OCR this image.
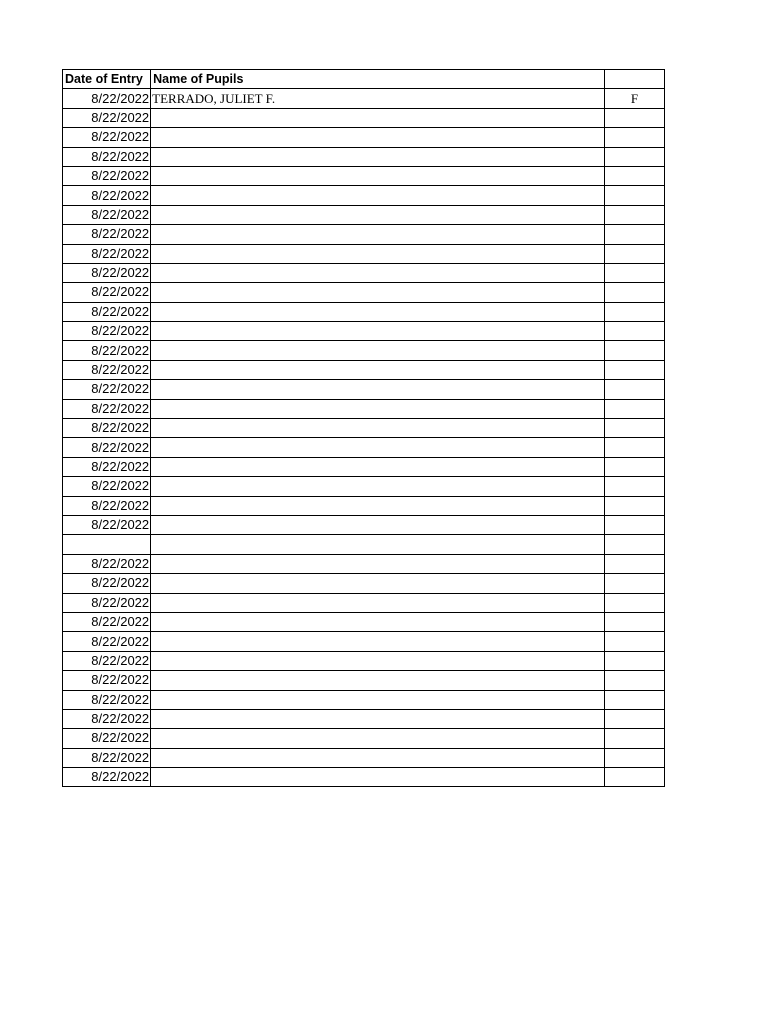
Date of Entry	Name of Pupils	
8/22/2022	TERRADO, JULIET F.	F
8/22/2022		
8/22/2022		
8/22/2022		
8/22/2022		
8/22/2022		
8/22/2022		
8/22/2022		
8/22/2022		
8/22/2022		
8/22/2022		
8/22/2022		
8/22/2022		
8/22/2022		
8/22/2022		
8/22/2022		
8/22/2022		
8/22/2022		
8/22/2022		
8/22/2022		
8/22/2022		
8/22/2022		
8/22/2022		

8/22/2022		
8/22/2022		
8/22/2022		
8/22/2022		
8/22/2022		
8/22/2022		
8/22/2022		
8/22/2022		
8/22/2022		
8/22/2022		
8/22/2022		
8/22/2022		
